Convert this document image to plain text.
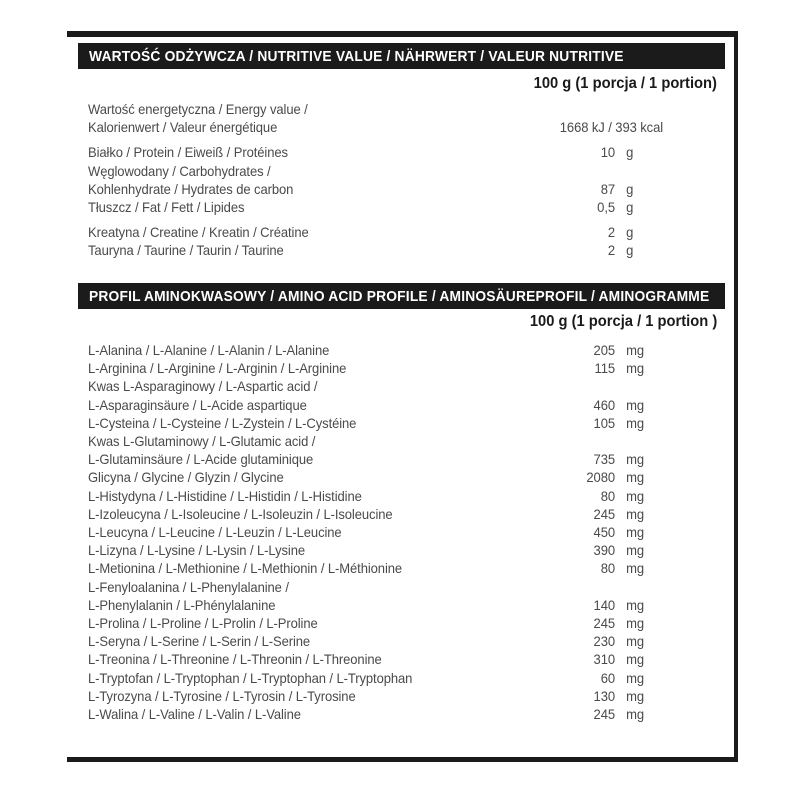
WARTOŚĆ ODŻYWCZA / NUTRITIVE VALUE / NÄHRWERT / VALEUR NUTRITIVE
100 g (1 porcja / 1 portion)
Wartość energetyczna / Energy value /
Kalorienwert / Valeur énergétique	1668 kJ / 393 kcal
Białko / Protein / Eiweiß / Protéines	10 g
Węglowodany / Carbohydrates /
Kohlenhydrate / Hydrates de carbon	87 g
Tłuszcz / Fat / Fett / Lipides	0,5 g
Kreatyna / Creatine / Kreatin / Créatine	2 g
Tauryna / Taurine / Taurin / Taurine	2 g
PROFIL AMINOKWASOWY / AMINO ACID PROFILE / AMINOSÄUREPROFIL / AMINOGRAMME
100 g (1 porcja / 1 portion )
L-Alanina / L-Alanine / L-Alanin / L-Alanine	205 mg
L-Arginina / L-Arginine / L-Arginin / L-Arginine	115 mg
Kwas L-Asparaginowy / L-Aspartic acid /
L-Asparaginsäure / L-Acide aspartique	460 mg
L-Cysteina / L-Cysteine / L-Zystein / L-Cystéine	105 mg
Kwas L-Glutaminowy / L-Glutamic acid /
L-Glutaminsäure / L-Acide glutaminique	735 mg
Glicyna / Glycine / Glyzin / Glycine	2080 mg
L-Histydyna / L-Histidine / L-Histidin / L-Histidine	80 mg
L-Izoleucyna / L-Isoleucine / L-Isoleuzin / L-Isoleucine	245 mg
L-Leucyna / L-Leucine / L-Leuzin / L-Leucine	450 mg
L-Lizyna / L-Lysine / L-Lysin / L-Lysine	390 mg
L-Metionina / L-Methionine / L-Methionin / L-Méthionine	80 mg
L-Fenyloalanina / L-Phenylalanine /
L-Phenylalanin / L-Phénylalanine	140 mg
L-Prolina / L-Proline / L-Prolin / L-Proline	245 mg
L-Seryna / L-Serine / L-Serin / L-Serine	230 mg
L-Treonina / L-Threonine / L-Threonin / L-Threonine	310 mg
L-Tryptofan / L-Tryptophan / L-Tryptophan / L-Tryptophan	60 mg
L-Tyrozyna / L-Tyrosine / L-Tyrosin / L-Tyrosine	130 mg
L-Walina / L-Valine / L-Valin / L-Valine	245 mg
